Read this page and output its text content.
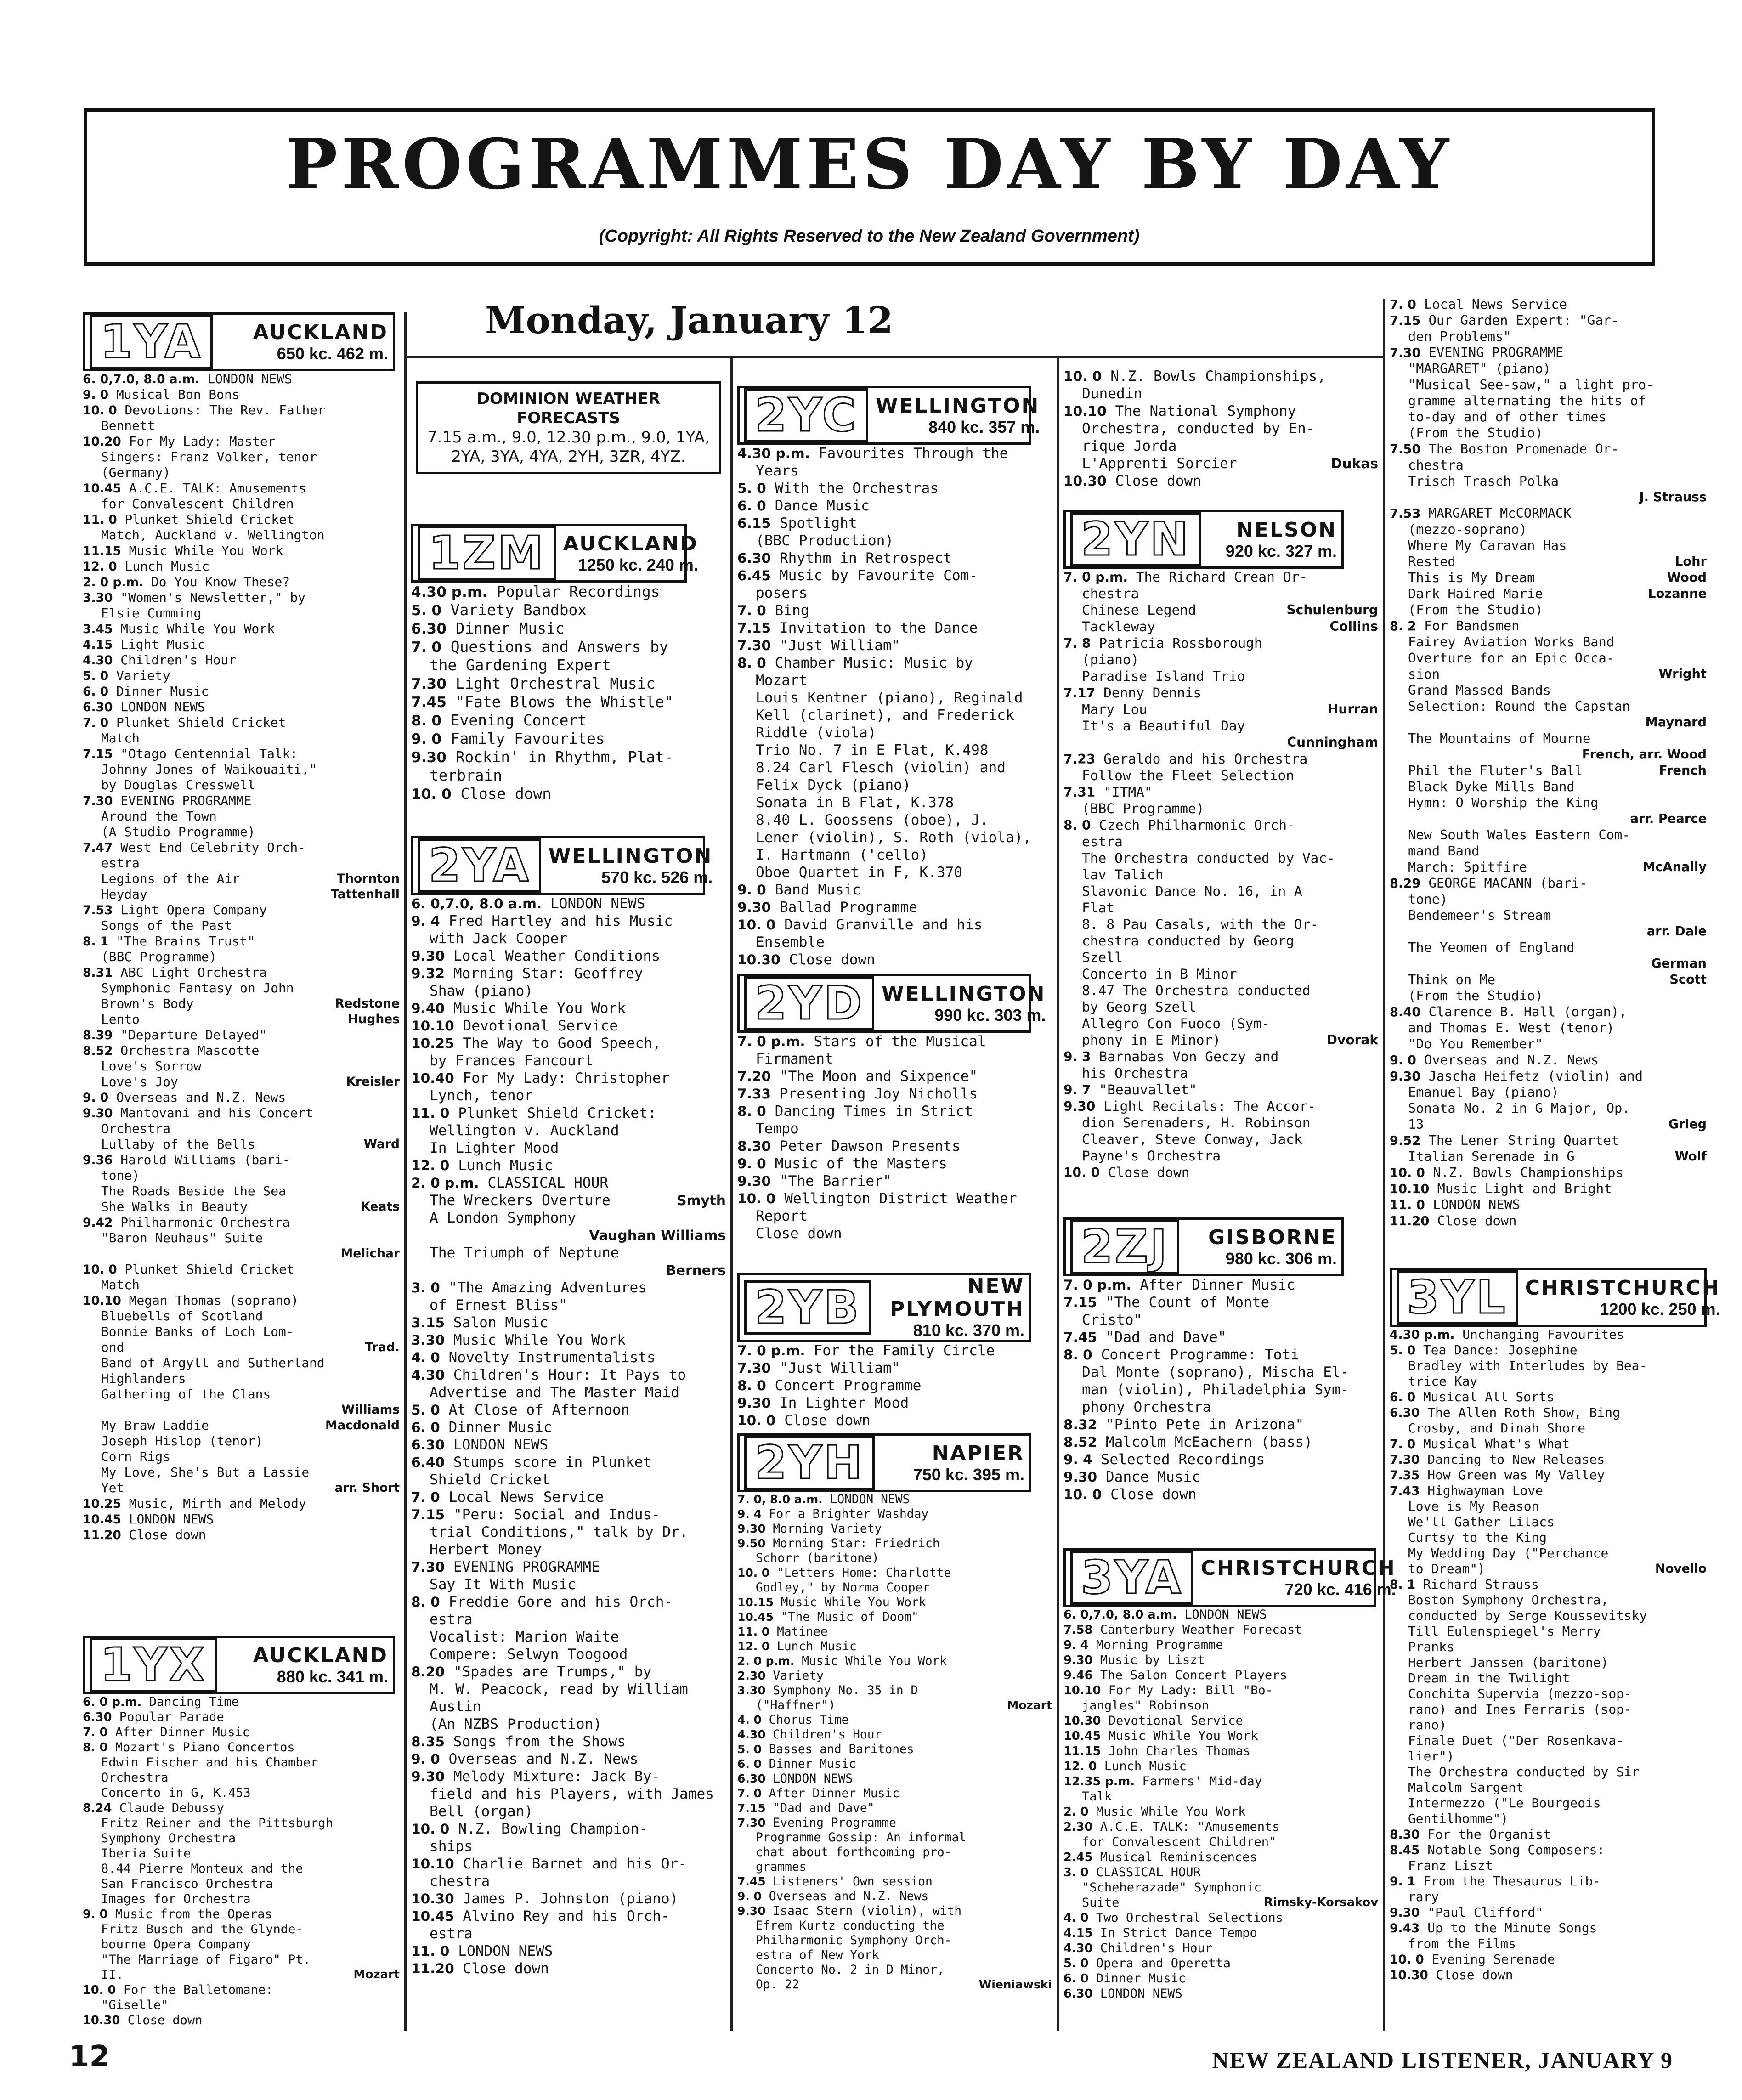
PROGRAMMES DAY BY DAY
(Copyright: All Rights Reserved to the New Zealand Government)
Monday, January 12
1YA	AUCKLAND
650 kc. 462 m.
6. 0,7.0, 8.0 a.m. LONDON NEWS
9. 0 Musical Bon Bons
10. 0 Devotions: The Rev. Father
Bennett
10.20 For My Lady: Master
Singers: Franz Volker, tenor
(Germany)
10.45 A.C.E. TALK: Amusements
for Convalescent Children
11. 0 Plunket Shield Cricket
Match, Auckland v. Wellington
11.15 Music While You Work
12. 0 Lunch Music
2. 0 p.m. Do You Know These?
3.30 "Women's Newsletter," by
Elsie Cumming
3.45 Music While You Work
4.15 Light Music
4.30 Children's Hour
5. 0 Variety
6. 0 Dinner Music
6.30 LONDON NEWS
7. 0 Plunket Shield Cricket
Match
7.15 "Otago Centennial Talk:
Johnny Jones of Waikouaiti,"
by Douglas Cresswell
7.30 EVENING PROGRAMME
Around the Town
(A Studio Programme)
7.47 West End Celebrity Orch-
estra
Legions of the Air	Thornton
Heyday	Tattenhall
7.53 Light Opera Company
Songs of the Past
8. 1 "The Brains Trust"
(BBC Programme)
8.31 ABC Light Orchestra
Symphonic Fantasy on John
Brown's Body	Redstone
Lento	Hughes
8.39 "Departure Delayed"
8.52 Orchestra Mascotte
Love's Sorrow
Love's Joy	Kreisler
9. 0 Overseas and N.Z. News
9.30 Mantovani and his Concert
Orchestra
Lullaby of the Bells	Ward
9.36 Harold Williams (bari-
tone)
The Roads Beside the Sea
She Walks in Beauty	Keats
9.42 Philharmonic Orchestra
"Baron Neuhaus" Suite
Melichar
10. 0 Plunket Shield Cricket
Match
10.10 Megan Thomas (soprano)
Bluebells of Scotland
Bonnie Banks of Loch Lom-
ond	Trad.
Band of Argyll and Sutherland
Highlanders
Gathering of the Clans
Williams
My Braw Laddie	Macdonald
Joseph Hislop (tenor)
Corn Rigs
My Love, She's But a Lassie
Yet	arr. Short
10.25 Music, Mirth and Melody
10.45 LONDON NEWS
11.20 Close down
1YX	AUCKLAND
880 kc. 341 m.
6. 0 p.m. Dancing Time
6.30 Popular Parade
7. 0 After Dinner Music
8. 0 Mozart's Piano Concertos
Edwin Fischer and his Chamber
Orchestra
Concerto in G, K.453
8.24 Claude Debussy
Fritz Reiner and the Pittsburgh
Symphony Orchestra
Iberia Suite
8.44 Pierre Monteux and the
San Francisco Orchestra
Images for Orchestra
9. 0 Music from the Operas
Fritz Busch and the Glynde-
bourne Opera Company
"The Marriage of Figaro" Pt.
II.	Mozart
10. 0 For the Balletomane:
"Giselle"
10.30 Close down
DOMINION WEATHER FORECASTS
7.15 a.m., 9.0, 12.30 p.m., 9.0, 1YA, 2YA, 3YA, 4YA, 2YH, 3ZR, 4YZ.
1ZM AUCKLAND
1250 kc. 240 m.
4.30 p.m. Popular Recordings
5. 0 Variety Bandbox
6.30 Dinner Music
7. 0 Questions and Answers by
the Gardening Expert
7.30 Light Orchestral Music
7.45 "Fate Blows the Whistle"
8. 0 Evening Concert
9. 0 Family Favourites
9.30 Rockin' in Rhythm, Plat-
terbrain
10. 0 Close down
2YA WELLINGTON
570 kc. 526 m.
6. 0,7.0, 8.0 a.m. LONDON NEWS
9. 4 Fred Hartley and his Music
with Jack Cooper
9.30 Local Weather Conditions
9.32 Morning Star: Geoffrey
Shaw (piano)
9.40 Music While You Work
10.10 Devotional Service
10.25 The Way to Good Speech,
by Frances Fancourt
10.40 For My Lady: Christopher
Lynch, tenor
11. 0 Plunket Shield Cricket:
Wellington v. Auckland
In Lighter Mood
12. 0 Lunch Music
2. 0 p.m. CLASSICAL HOUR
The Wreckers Overture	Smyth
A London Symphony
Vaughan Williams
The Triumph of Neptune
Berners
3. 0 "The Amazing Adventures
of Ernest Bliss"
3.15 Salon Music
3.30 Music While You Work
4. 0 Novelty Instrumentalists
4.30 Children's Hour: It Pays to
Advertise and The Master Maid
5. 0 At Close of Afternoon
6. 0 Dinner Music
6.30 LONDON NEWS
6.40 Stumps score in Plunket
Shield Cricket
7. 0 Local News Service
7.15 "Peru: Social and Indus-
trial Conditions," talk by Dr.
Herbert Money
7.30 EVENING PROGRAMME
Say It With Music
8. 0 Freddie Gore and his Orch-
estra
Vocalist: Marion Waite
Compere: Selwyn Toogood
8.20 "Spades are Trumps," by
M. W. Peacock, read by William
Austin
(An NZBS Production)
8.35 Songs from the Shows
9. 0 Overseas and N.Z. News
9.30 Melody Mixture: Jack By-
field and his Players, with James
Bell (organ)
10. 0 N.Z. Bowling Champion-
ships
10.10 Charlie Barnet and his Or-
chestra
10.30 James P. Johnston (piano)
10.45 Alvino Rey and his Orch-
estra
11. 0 LONDON NEWS
11.20 Close down
2YC WELLINGTON
840 kc. 357 m.
4.30 p.m. Favourites Through the
Years
5. 0 With the Orchestras
6. 0 Dance Music
6.15 Spotlight
(BBC Production)
6.30 Rhythm in Retrospect
6.45 Music by Favourite Com-
posers
7. 0 Bing
7.15 Invitation to the Dance
7.30 "Just William"
8. 0 Chamber Music: Music by
Mozart
Louis Kentner (piano), Reginald
Kell (clarinet), and Frederick
Riddle (viola)
Trio No. 7 in E Flat, K.498
8.24 Carl Flesch (violin) and
Felix Dyck (piano)
Sonata in B Flat, K.378
8.40 L. Goossens (oboe), J.
Lener (violin), S. Roth (viola),
I. Hartmann ('cello)
Oboe Quartet in F, K.370
9. 0 Band Music
9.30 Ballad Programme
10. 0 David Granville and his
Ensemble
10.30 Close down
2YD WELLINGTON
990 kc. 303 m.
7. 0 p.m. Stars of the Musical
Firmament
7.20 "The Moon and Sixpence"
7.33 Presenting Joy Nicholls
8. 0 Dancing Times in Strict
Tempo
8.30 Peter Dawson Presents
9. 0 Music of the Masters
9.30 "The Barrier"
10. 0 Wellington District Weather
Report
Close down
2YB	NEW PLYMOUTH
810 kc. 370 m.
7. 0 p.m. For the Family Circle
7.30 "Just William"
8. 0 Concert Programme
9.30 In Lighter Mood
10. 0 Close down
2YH	NAPIER
750 kc. 395 m.
7. 0, 8.0 a.m. LONDON NEWS
9. 4 For a Brighter Washday
9.30 Morning Variety
9.50 Morning Star: Friedrich
Schorr (baritone)
10. 0 "Letters Home: Charlotte
Godley," by Norma Cooper
10.15 Music While You Work
10.45 "The Music of Doom"
11. 0 Matinee
12. 0 Lunch Music
2. 0 p.m. Music While You Work
2.30 Variety
3.30 Symphony No. 35 in D
("Haffner")	Mozart
4. 0 Chorus Time
4.30 Children's Hour
5. 0 Basses and Baritones
6. 0 Dinner Music
6.30 LONDON NEWS
7. 0 After Dinner Music
7.15 "Dad and Dave"
7.30 Evening Programme
Programme Gossip: An informal
chat about forthcoming pro-
grammes
7.45 Listeners' Own session
9. 0 Overseas and N.Z. News
9.30 Isaac Stern (violin), with
Efrem Kurtz conducting the
Philharmonic Symphony Orch-
estra of New York
Concerto No. 2 in D Minor,
Op. 22	Wieniawski
10. 0 N.Z. Bowls Championships,
Dunedin
10.10 The National Symphony
Orchestra, conducted by En-
rique Jorda
L'Apprenti Sorcier	Dukas
10.30 Close down
2YN	NELSON
920 kc. 327 m.
7. 0 p.m. The Richard Crean Or-
chestra
Chinese Legend	Schulenburg
Tackleway	Collins
7. 8 Patricia Rossborough
(piano)
Paradise Island Trio
7.17 Denny Dennis
Mary Lou	Hurran
It's a Beautiful Day
Cunningham
7.23 Geraldo and his Orchestra
Follow the Fleet Selection
7.31 "ITMA"
(BBC Programme)
8. 0 Czech Philharmonic Orch-
estra
The Orchestra conducted by Vac-
lav Talich
Slavonic Dance No. 16, in A
Flat
8. 8 Pau Casals, with the Or-
chestra conducted by Georg
Szell
Concerto in B Minor
8.47 The Orchestra conducted
by Georg Szell
Allegro Con Fuoco (Sym-
phony in E Minor)	Dvorak
9. 3 Barnabas Von Geczy and
his Orchestra
9. 7 "Beauvallet"
9.30 Light Recitals: The Accor-
dion Serenaders, H. Robinson
Cleaver, Steve Conway, Jack
Payne's Orchestra
10. 0 Close down
2ZJ	GISBORNE
980 kc. 306 m.
7. 0 p.m. After Dinner Music
7.15 "The Count of Monte
Cristo"
7.45 "Dad and Dave"
8. 0 Concert Programme: Toti
Dal Monte (soprano), Mischa El-
man (violin), Philadelphia Sym-
phony Orchestra
8.32 "Pinto Pete in Arizona"
8.52 Malcolm McEachern (bass)
9. 4 Selected Recordings
9.30 Dance Music
10. 0 Close down
3YA CHRISTCHURCH
720 kc. 416 m.
6. 0,7.0, 8.0 a.m. LONDON NEWS
7.58 Canterbury Weather Forecast
9. 4 Morning Programme
9.30 Music by Liszt
9.46 The Salon Concert Players
10.10 For My Lady: Bill "Bo-
jangles" Robinson
10.30 Devotional Service
10.45 Music While You Work
11.15 John Charles Thomas
12. 0 Lunch Music
12.35 p.m. Farmers' Mid-day
Talk
2. 0 Music While You Work
2.30 A.C.E. TALK: "Amusements
for Convalescent Children"
2.45 Musical Reminiscences
3. 0 CLASSICAL HOUR
"Scheherazade" Symphonic
Suite	Rimsky-Korsakov
4. 0 Two Orchestral Selections
4.15 In Strict Dance Tempo
4.30 Children's Hour
5. 0 Opera and Operetta
6. 0 Dinner Music
6.30 LONDON NEWS
7. 0 Local News Service
7.15 Our Garden Expert: "Gar-
den Problems"
7.30 EVENING PROGRAMME
"MARGARET" (piano)
"Musical See-saw," a light pro-
gramme alternating the hits of
to-day and of other times
(From the Studio)
7.50 The Boston Promenade Or-
chestra
Trisch Trasch Polka
J. Strauss
7.53 MARGARET McCORMACK
(mezzo-soprano)
Where My Caravan Has
Rested	Lohr
This is My Dream	Wood
Dark Haired Marie	Lozanne
(From the Studio)
8. 2 For Bandsmen
Fairey Aviation Works Band
Overture for an Epic Occa-
sion	Wright
Grand Massed Bands
Selection: Round the Capstan
Maynard
The Mountains of Mourne
French, arr. Wood
Phil the Fluter's Ball	French
Black Dyke Mills Band
Hymn: O Worship the King
arr. Pearce
New South Wales Eastern Com-
mand Band
March: Spitfire	McAnally
8.29 GEORGE MACANN (bari-
tone)
Bendemeer's Stream
arr. Dale
The Yeomen of England
German
Think on Me	Scott
(From the Studio)
8.40 Clarence B. Hall (organ),
and Thomas E. West (tenor)
"Do You Remember"
9. 0 Overseas and N.Z. News
9.30 Jascha Heifetz (violin) and
Emanuel Bay (piano)
Sonata No. 2 in G Major, Op.
13	Grieg
9.52 The Lener String Quartet
Italian Serenade in G	Wolf
10. 0 N.Z. Bowls Championships
10.10 Music Light and Bright
11. 0 LONDON NEWS
11.20 Close down
3YL CHRISTCHURCH
1200 kc. 250 m.
4.30 p.m. Unchanging Favourites
5. 0 Tea Dance: Josephine
Bradley with Interludes by Bea-
trice Kay
6. 0 Musical All Sorts
6.30 The Allen Roth Show, Bing
Crosby, and Dinah Shore
7. 0 Musical What's What
7.30 Dancing to New Releases
7.35 How Green was My Valley
7.43 Highwayman Love
Love is My Reason
We'll Gather Lilacs
Curtsy to the King
My Wedding Day ("Perchance
to Dream")	Novello
8. 1 Richard Strauss
Boston Symphony Orchestra,
conducted by Serge Koussevitsky
Till Eulenspiegel's Merry
Pranks
Herbert Janssen (baritone)
Dream in the Twilight
Conchita Supervia (mezzo-sop-
rano) and Ines Ferraris (sop-
rano)
Finale Duet ("Der Rosenkava-
lier")
The Orchestra conducted by Sir
Malcolm Sargent
Intermezzo ("Le Bourgeois
Gentilhomme")
8.30 For the Organist
8.45 Notable Song Composers:
Franz Liszt
9. 1 From the Thesaurus Lib-
rary
9.30 "Paul Clifford"
9.43 Up to the Minute Songs
from the Films
10. 0 Evening Serenade
10.30 Close down
12	NEW ZEALAND LISTENER, JANUARY 9
